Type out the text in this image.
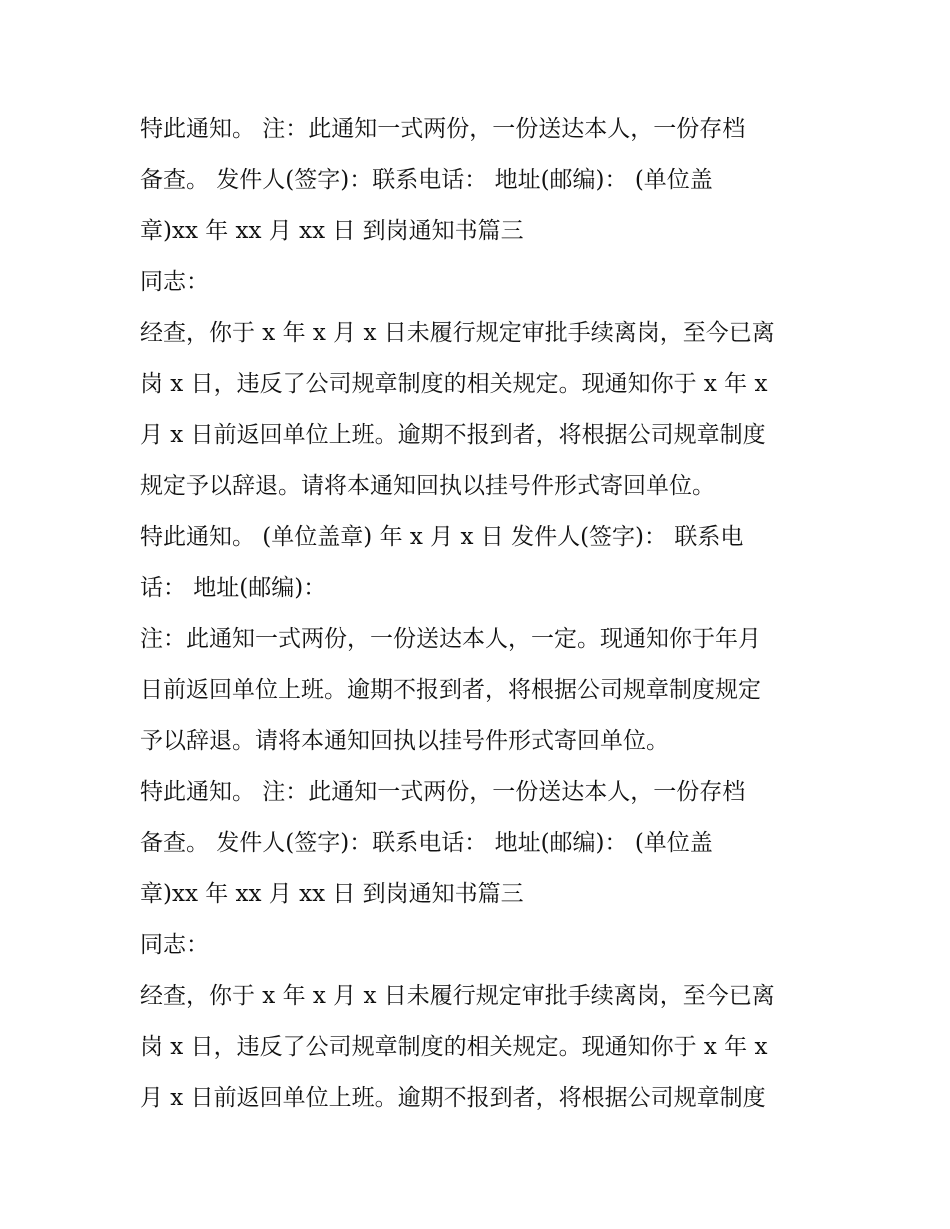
特此通知。 注：此通知一式两份，一份送达本人，一份存档
备查。 发件人(签字)：联系电话： 地址(邮编)： (单位盖
章)xx 年 xx 月 xx 日 到岗通知书篇三
同志：
经查，你于 x 年 x 月 x 日未履行规定审批手续离岗，至今已离
岗 x 日，违反了公司规章制度的相关规定。现通知你于 x 年 x
月 x 日前返回单位上班。逾期不报到者，将根据公司规章制度
规定予以辞退。请将本通知回执以挂号件形式寄回单位。
特此通知。 (单位盖章) 年 x 月 x 日 发件人(签字)： 联系电
话： 地址(邮编)：
注：此通知一式两份，一份送达本人，一定。现通知你于年月
日前返回单位上班。逾期不报到者，将根据公司规章制度规定
予以辞退。请将本通知回执以挂号件形式寄回单位。
特此通知。 注：此通知一式两份，一份送达本人，一份存档
备查。 发件人(签字)：联系电话： 地址(邮编)： (单位盖
章)xx 年 xx 月 xx 日 到岗通知书篇三
同志：
经查，你于 x 年 x 月 x 日未履行规定审批手续离岗，至今已离
岗 x 日，违反了公司规章制度的相关规定。现通知你于 x 年 x
月 x 日前返回单位上班。逾期不报到者，将根据公司规章制度
